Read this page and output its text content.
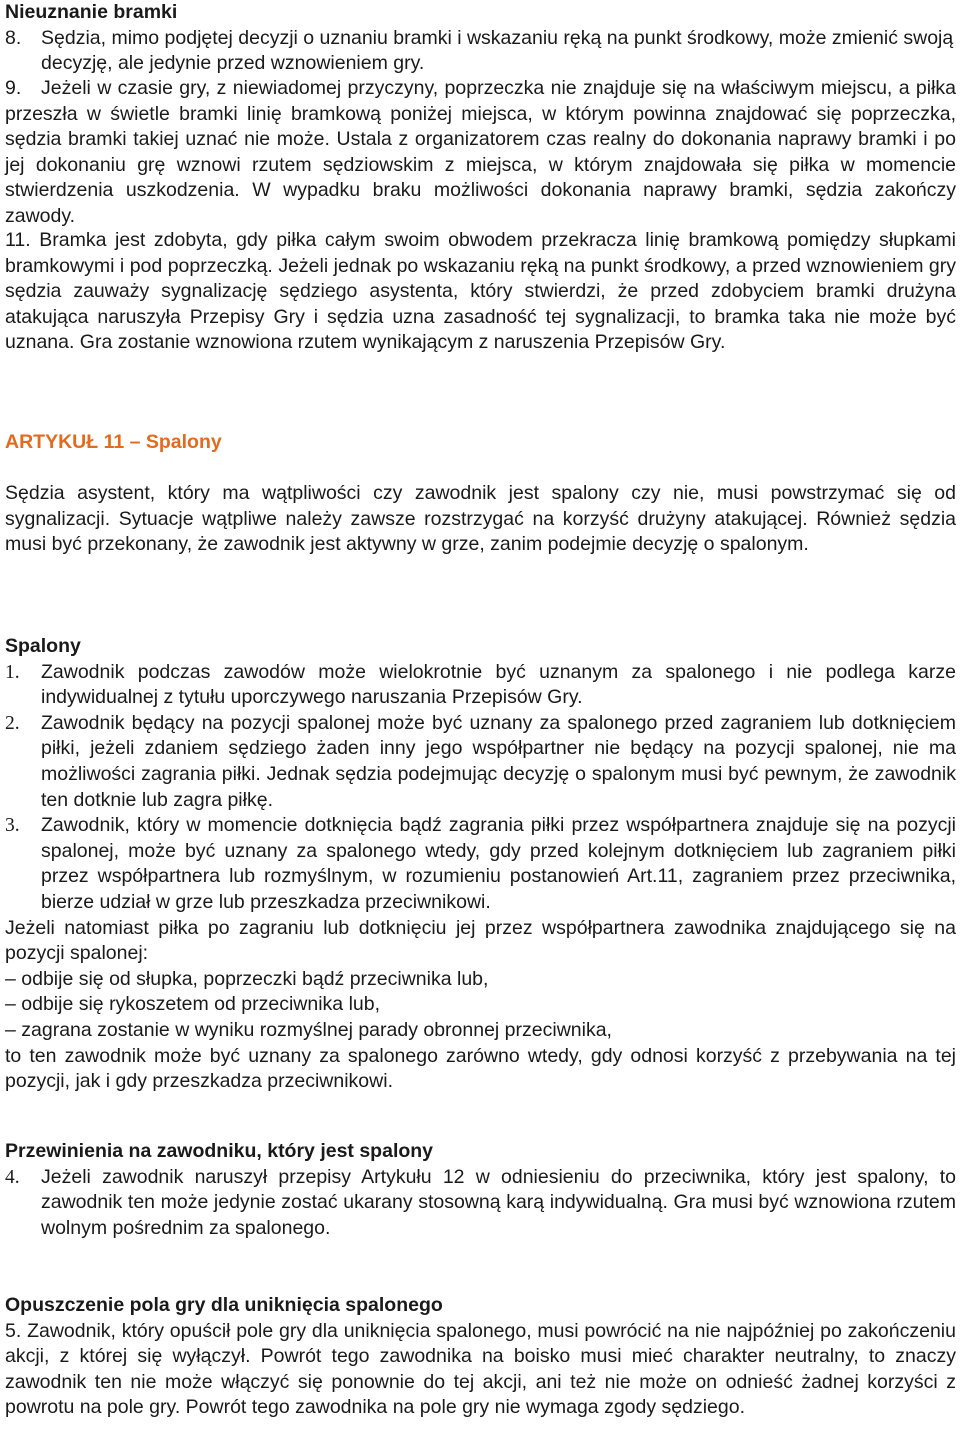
Nieuznanie bramki
8.	Sędzia, mimo podjętej decyzji o uznaniu bramki i wskazaniu ręką na punkt środkowy, może zmienić swoją decyzję, ale jedynie przed wznowieniem gry.
9.	Jeżeli w czasie gry, z niewiadomej przyczyny, poprzeczka nie znajduje się na właściwym miejscu, a piłka przeszła w świetle bramki linię bramkową poniżej miejsca, w którym powinna znajdować się poprzeczka, sędzia bramki takiej uznać nie może. Ustala z organizatorem czas realny do dokonania naprawy bramki i po jej dokonaniu grę wznowi rzutem sędziowskim z miejsca, w którym znajdowała się piłka w momencie stwierdzenia uszkodzenia. W wypadku braku możliwości dokonania naprawy bramki, sędzia zakończy zawody.

11. Bramka jest zdobyta, gdy piłka całym swoim obwodem przekracza linię bramkową pomiędzy słupkami bramkowymi i pod poprzeczką. Jeżeli jednak po wskazaniu ręką na punkt środkowy, a przed wznowieniem gry sędzia zauważy sygnalizację sędziego asystenta, który stwierdzi, że przed zdobyciem bramki drużyna atakująca naruszyła Przepisy Gry i sędzia uzna zasadność tej sygnalizacji, to bramka taka nie może być uznana. Gra zostanie wznowiona rzutem wynikającym z naruszenia Przepisów Gry.

ARTYKUŁ 11 – Spalony

Sędzia asystent, który ma wątpliwości czy zawodnik jest spalony czy nie, musi powstrzymać się od sygnalizacji. Sytuacje wątpliwe należy zawsze rozstrzygać na korzyść drużyny atakującej. Również sędzia musi być przekonany, że zawodnik jest aktywny w grze, zanim podejmie decyzję o spalonym.

Spalony
1.	Zawodnik podczas zawodów może wielokrotnie być uznanym za spalonego i nie podlega karze indywidualnej z tytułu uporczywego naruszania Przepisów Gry.
2.	Zawodnik będący na pozycji spalonej może być uznany za spalonego przed zagraniem lub dotknięciem piłki, jeżeli zdaniem sędziego żaden inny jego współpartner nie będący na pozycji spalonej, nie ma możliwości zagrania piłki. Jednak sędzia podejmując decyzję o spalonym musi być pewnym, że zawodnik ten dotknie lub zagra piłkę.
3.	Zawodnik, który w momencie dotknięcia bądź zagrania piłki przez współpartnera znajduje się na pozycji spalonej, może być uznany za spalonego wtedy, gdy przed kolejnym dotknięciem lub zagraniem piłki przez współpartnera lub rozmyślnym, w rozumieniu postanowień Art.11, zagraniem przez przeciwnika, bierze udział w grze lub przeszkadza przeciwnikowi.

Jeżeli natomiast piłka po zagraniu lub dotknięciu jej przez współpartnera zawodnika znajdującego się na pozycji spalonej:

– odbije się od słupka, poprzeczki bądź przeciwnika lub,
– odbije się rykoszetem od przeciwnika lub,
– zagrana zostanie w wyniku rozmyślnej parady obronnej przeciwnika,

to ten zawodnik może być uznany za spalonego zarówno wtedy, gdy odnosi korzyść z przebywania na tej pozycji, jak i gdy przeszkadza przeciwnikowi.

Przewinienia na zawodniku, który jest spalony
4.	Jeżeli zawodnik naruszył przepisy Artykułu 12 w odniesieniu do przeciwnika, który jest spalony, to zawodnik ten może jedynie zostać ukarany stosowną karą indywidualną. Gra musi być wznowiona rzutem wolnym pośrednim za spalonego.
Opuszczenie pola gry dla uniknięcia spalonego

5. Zawodnik, który opuścił pole gry dla uniknięcia spalonego, musi powrócić na nie najpóźniej po zakończeniu akcji, z której się wyłączył. Powrót tego zawodnika na boisko musi mieć charakter neutralny, to znaczy zawodnik ten nie może włączyć się ponownie do tej akcji, ani też nie może on odnieść żadnej korzyści z powrotu na pole gry. Powrót tego zawodnika na pole gry nie wymaga zgody sędziego.
